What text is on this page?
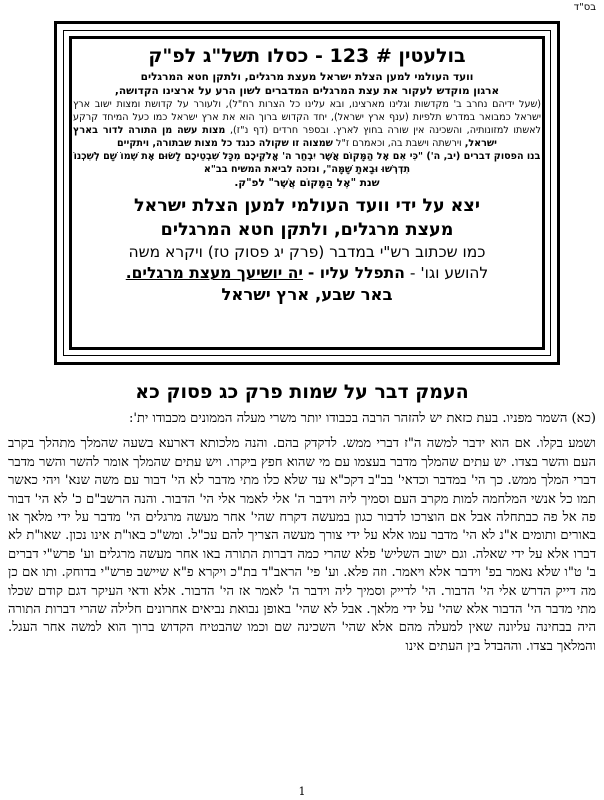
בס"ד
בולעטין # 123 - כסלו תשל"ג לפ"ק
וועד העולמי למען הצלת ישראל מעצת מרגלים, ולתקן חטא המרגלים
ארגון מוקדש לעקור את עצת המרגלים המדברים לשון הרע על ארצינו הקדושה,
(שעל ידיהם נחרב ב' מקדשות וגלינו מארצינו, ובא עלינו כל הצרות רח"ל), ולעורר על קדושת ומצות ישוב ארץ ישראל כמבואר במדרש תלפיות (ענף ארץ ישראל), יחד הקדוש ברוך הוא את ארץ ישראל כמו כעל המיחד קרקע לאשתו למזונותיה, והשכינה אין שורה בחוץ לארץ. ובספר חרדים (דף נ"ז), מצות עשה מן התורה לדור בארץ ישראל, וירשתה וישבת בה, וכאמרם ז"ל שמצוה זו שקולה כנגד כל מצות שבתורה, ויתקיים
בנו הפסוק דברים (יב, ה') "כִּי אִם אֶל הַמָּקוֹם אֲשֶׁר יִבְחַר ה' אֱלֹקֵיכֶם מִכָּל שִׁבְטֵיכֶם לָשׂוּם אֶת שְׁמוֹ שָׁם לְשִׁכְנוֹ תִדְרְשׁוּ וּבָאתָ שָׁמָּה", ונזכה לביאת המשיח בב"א
שנת "אֶל הַמָּקוֹם אֲשֶׁר" לפ"ק.
יצא על ידי וועד העולמי למען הצלת ישראל
מעצת מרגלים, ולתקן חטא המרגלים
כמו שכתוב רש"י במדבר (פרק יג פסוק טז) ויקרא משה
להושע וגו' - התפלל עליו - יה יושיעך מעצת מרגלים.
באר שבע, ארץ ישראל
העמק דבר על שמות פרק כג פסוק כא

(כא) השמר מפניו. בעת כזאת יש להזהר הרבה בכבודו יותר משרי מעלה הממונים מכבודו ית':

ושמע בקלו. אם הוא ידבר למשה ה"ז דברי ממש. לדקדק בהם. והנה מלכותא דארעא בשעה שהמלך מתהלך בקרב העם והשר בצדו. יש עתים שהמלך מדבר בעצמו עם מי שהוא חפץ ביקרו. ויש עתים שהמלך אומר להשר והשר מדבר דברי המלך ממש. כך הי' במדבר וכדאי' בב"ב דקכ"א עד שלא כלו מתי מדבר לא הי' דבור עם משה שנא' ויהי כאשר תמו כל אנשי המלחמה למות מקרב העם וסמיך ליה וידבר ה' אלי לאמר אלי הי' הדבור. והנה הרשב"ם כ' לא הי' דבור פה אל פה כבתחלה אבל אם הוצרכו לדבור כגון במעשה דקרח שהי' אחר מעשה מרגלים הי' מדבר על ידי מלאך או באורים ותומים א"נ לא הי' מדבר עמו אלא על ידי צורך מעשה הצריך להם עכ"ל. ומש"כ באו"ת אינו נכון. שאו"ת לא דברו אלא על ידי שאלה. וגם ישוב השליש' פלא שהרי כמה דברות התורה באו אחר מעשה מרגלים וע' פרש"י דברים ב' ט"ו שלא נאמר בפ' וידבר אלא ויאמר. וזה פלא. וע' פי' הראב"ד בת"כ ויקרא פ"א שיישב פרש"י בדוחק. ותו אם כן מה דייק הדרש אלי הי' הדבור. הי' לדייק וסמיך ליה וידבר ה' לאמר אז הי' הדבור. אלא ודאי העיקר דגם קודם שכלו מתי מדבר הי' הדבור אלא שהי' על ידי מלאך. אבל לא שהי' באופן נבואת נביאים אחרונים חלילה שהרי דברות התורה היה בבחינה עליונה שאין למעלה מהם אלא שהי' השכינה שם וכמו שהבטיח הקדוש ברוך הוא למשה אחר העגל. והמלאך בצדו. וההבדל בין העתים אינו

1
